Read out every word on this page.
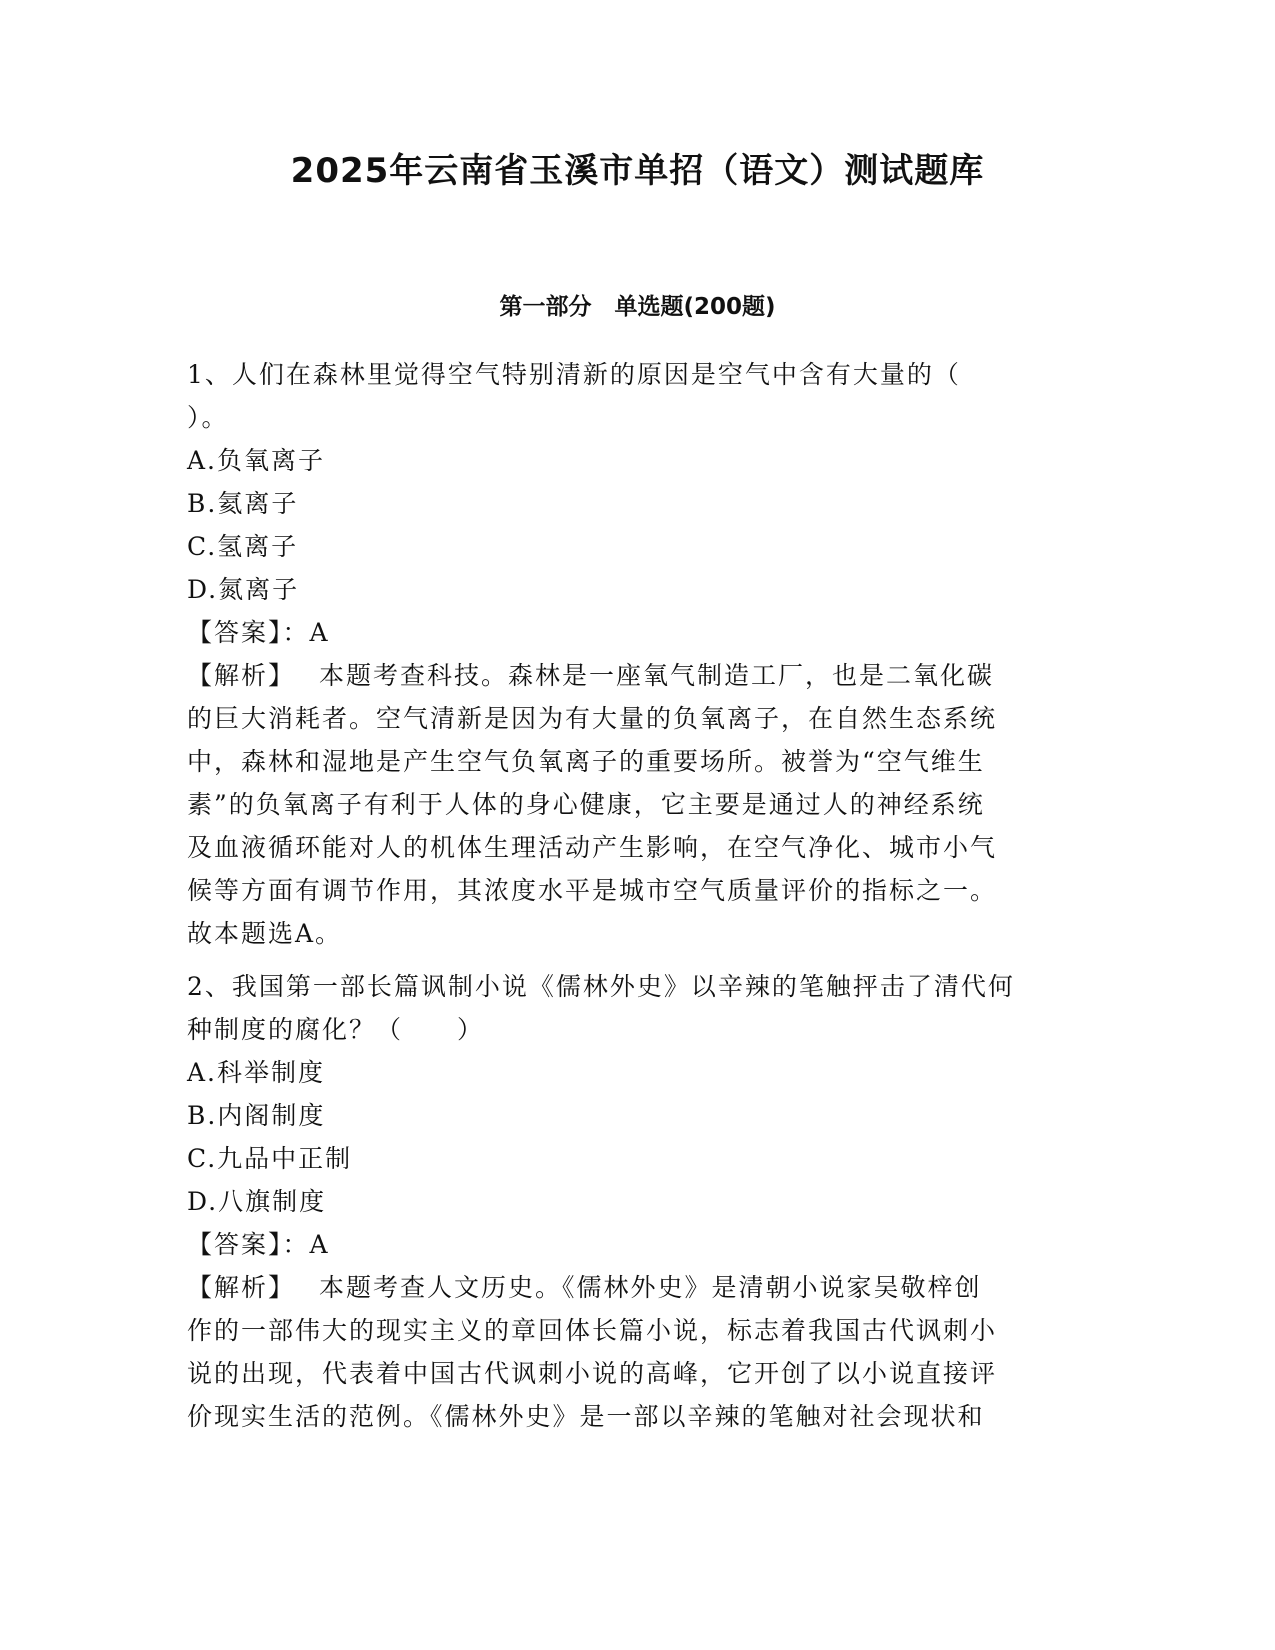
2025年云南省玉溪市单招（语文）测试题库
第一部分　单选题(200题)
1、人们在森林里觉得空气特别清新的原因是空气中含有大量的（
）。
A.负氧离子
B.氦离子
C.氢离子
D.氮离子
【答案】：A
【解析】 本题考查科技。森林是一座氧气制造工厂，也是二氧化碳
的巨大消耗者。空气清新是因为有大量的负氧离子，在自然生态系统
中，森林和湿地是产生空气负氧离子的重要场所。被誉为“空气维生
素”的负氧离子有利于人体的身心健康，它主要是通过人的神经系统
及血液循环能对人的机体生理活动产生影响，在空气净化、城市小气
候等方面有调节作用，其浓度水平是城市空气质量评价的指标之一。
故本题选A。
2、我国第一部长篇讽制小说《儒林外史》以辛辣的笔触抨击了清代何
种制度的腐化？（　　）
A.科举制度
B.内阁制度
C.九品中正制
D.八旗制度
【答案】：A
【解析】 本题考查人文历史。《儒林外史》是清朝小说家吴敬梓创
作的一部伟大的现实主义的章回体长篇小说，标志着我国古代讽刺小
说的出现，代表着中国古代讽刺小说的高峰，它开创了以小说直接评
价现实生活的范例。《儒林外史》是一部以辛辣的笔触对社会现状和
